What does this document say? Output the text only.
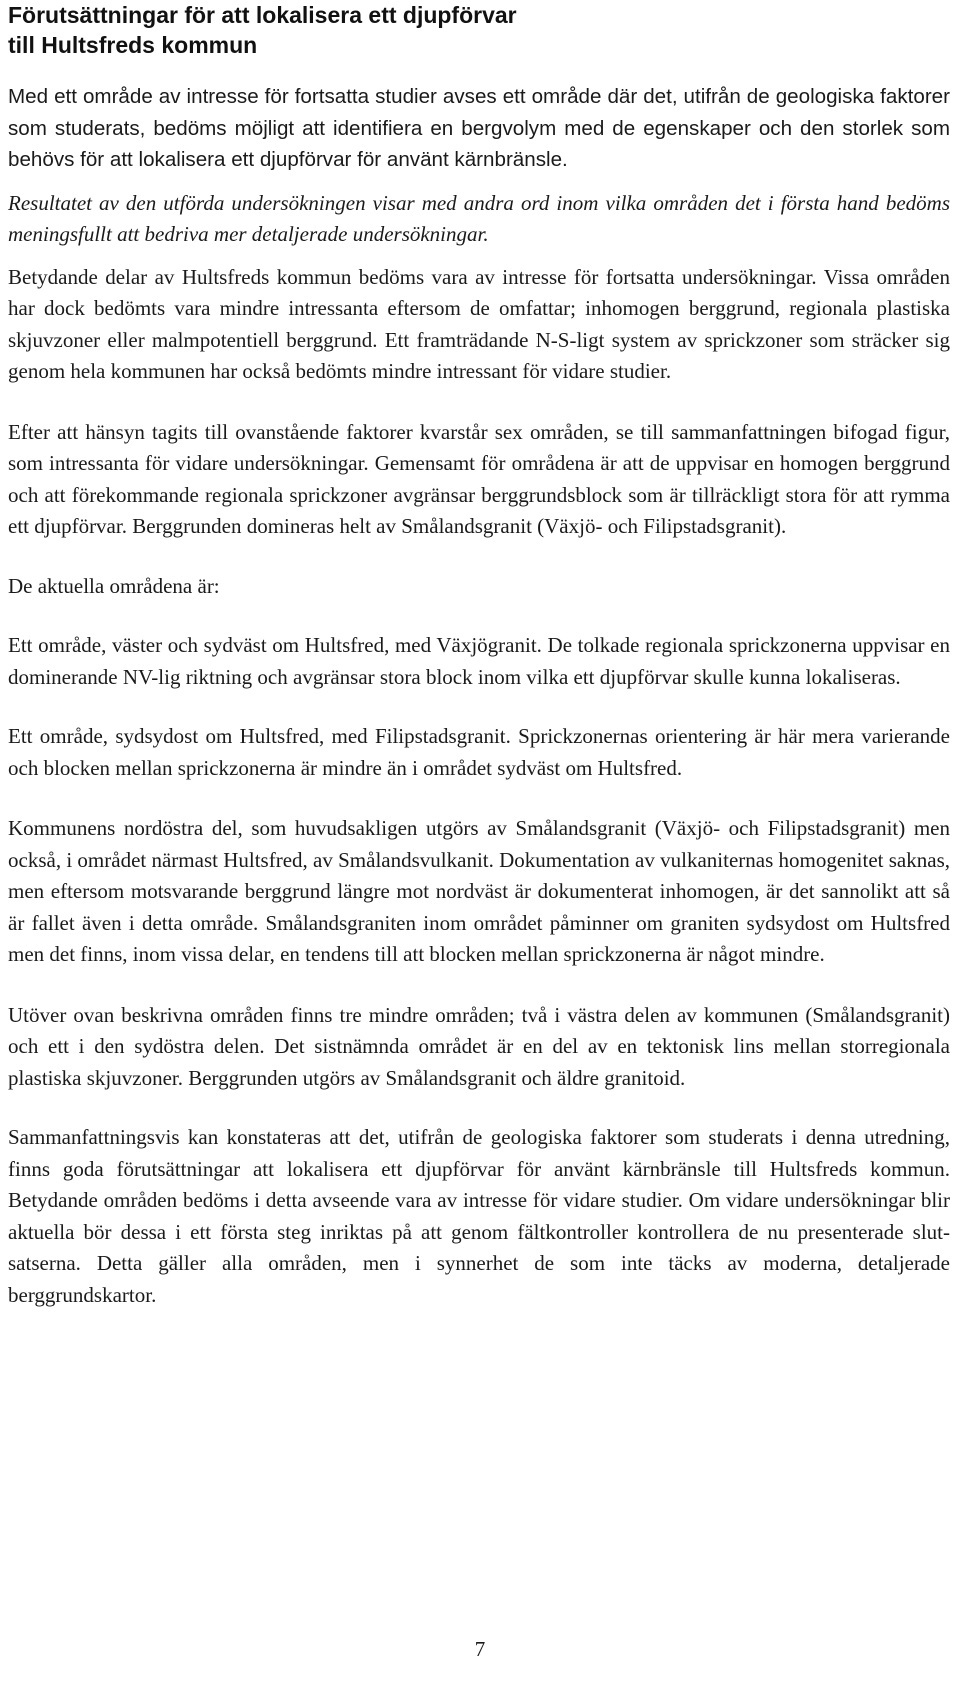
Förutsättningar för att lokalisera ett djupförvar
till Hultsfreds kommun

Med ett område av intresse för fortsatta studier avses ett område där det, utifrån de geologiska faktorer som studerats, bedöms möjligt att identifiera en bergvolym med de egenskaper och den storlek som behövs för att lokalisera ett djupförvar för använt kärnbränsle.

Resultatet av den utförda undersökningen visar med andra ord inom vilka områden det i första hand bedöms meningsfullt att bedriva mer detaljerade undersökningar.

Betydande delar av Hultsfreds kommun bedöms vara av intresse för fortsatta undersökningar. Vissa områden har dock bedömts vara mindre intressanta eftersom de omfattar; inhomogen berggrund, regionala plastiska skjuvzoner eller malmpotentiell berggrund. Ett framträdande N-S-ligt system av sprickzoner som sträcker sig genom hela kommunen har också bedömts mindre intressant för vidare studier.

Efter att hänsyn tagits till ovanstående faktorer kvarstår sex områden, se till sammanfattningen bifogad figur, som intressanta för vidare undersökningar. Gemensamt för områdena är att de uppvisar en homogen berggrund och att förekommande regionala sprickzoner avgränsar berggrundsblock som är tillräckligt stora för att rymma ett djupförvar. Berggrunden domineras helt av Smålandsgranit (Växjö- och Filipstadsgranit).

De aktuella områdena är:

Ett område, väster och sydväst om Hultsfred, med Växjögranit. De tolkade regionala sprickzonerna uppvisar en dominerande NV-lig riktning och avgränsar stora block inom vilka ett djupförvar skulle kunna lokaliseras.

Ett område, sydsydost om Hultsfred, med Filipstadsgranit. Sprickzonernas orientering är här mera varierande och blocken mellan sprickzonerna är mindre än i området sydväst om Hultsfred.

Kommunens nordöstra del, som huvudsakligen utgörs av Smålandsgranit (Växjö- och Filipstadsgranit) men också, i området närmast Hultsfred, av Smålandsvulkanit. Dokumentation av vulkaniternas homogenitet saknas, men eftersom motsvarande berggrund längre mot nordväst är dokumenterat inhomogen, är det sannolikt att så är fallet även i detta område. Smålandsgraniten inom området påminner om graniten sydsydost om Hultsfred men det finns, inom vissa delar, en tendens till att blocken mellan sprickzonerna är något mindre.

Utöver ovan beskrivna områden finns tre mindre områden; två i västra delen av kommunen (Smålandsgranit) och ett i den sydöstra delen. Det sistnämnda området är en del av en tektonisk lins mellan storregionala plastiska skjuvzoner. Berggrunden utgörs av Smålandsgranit och äldre granitoid.

Sammanfattningsvis kan konstateras att det, utifrån de geologiska faktorer som studerats i denna utredning, finns goda förutsättningar att lokalisera ett djupförvar för använt kärnbränsle till Hultsfreds kommun. Betydande områden bedöms i detta avseende vara av intresse för vidare studier. Om vidare undersökningar blir aktuella bör dessa i ett första steg inriktas på att genom fältkontroller kontrollera de nu presenterade slutsatserna. Detta gäller alla områden, men i synnerhet de som inte täcks av moderna, detaljerade berggrundskartor.

7
